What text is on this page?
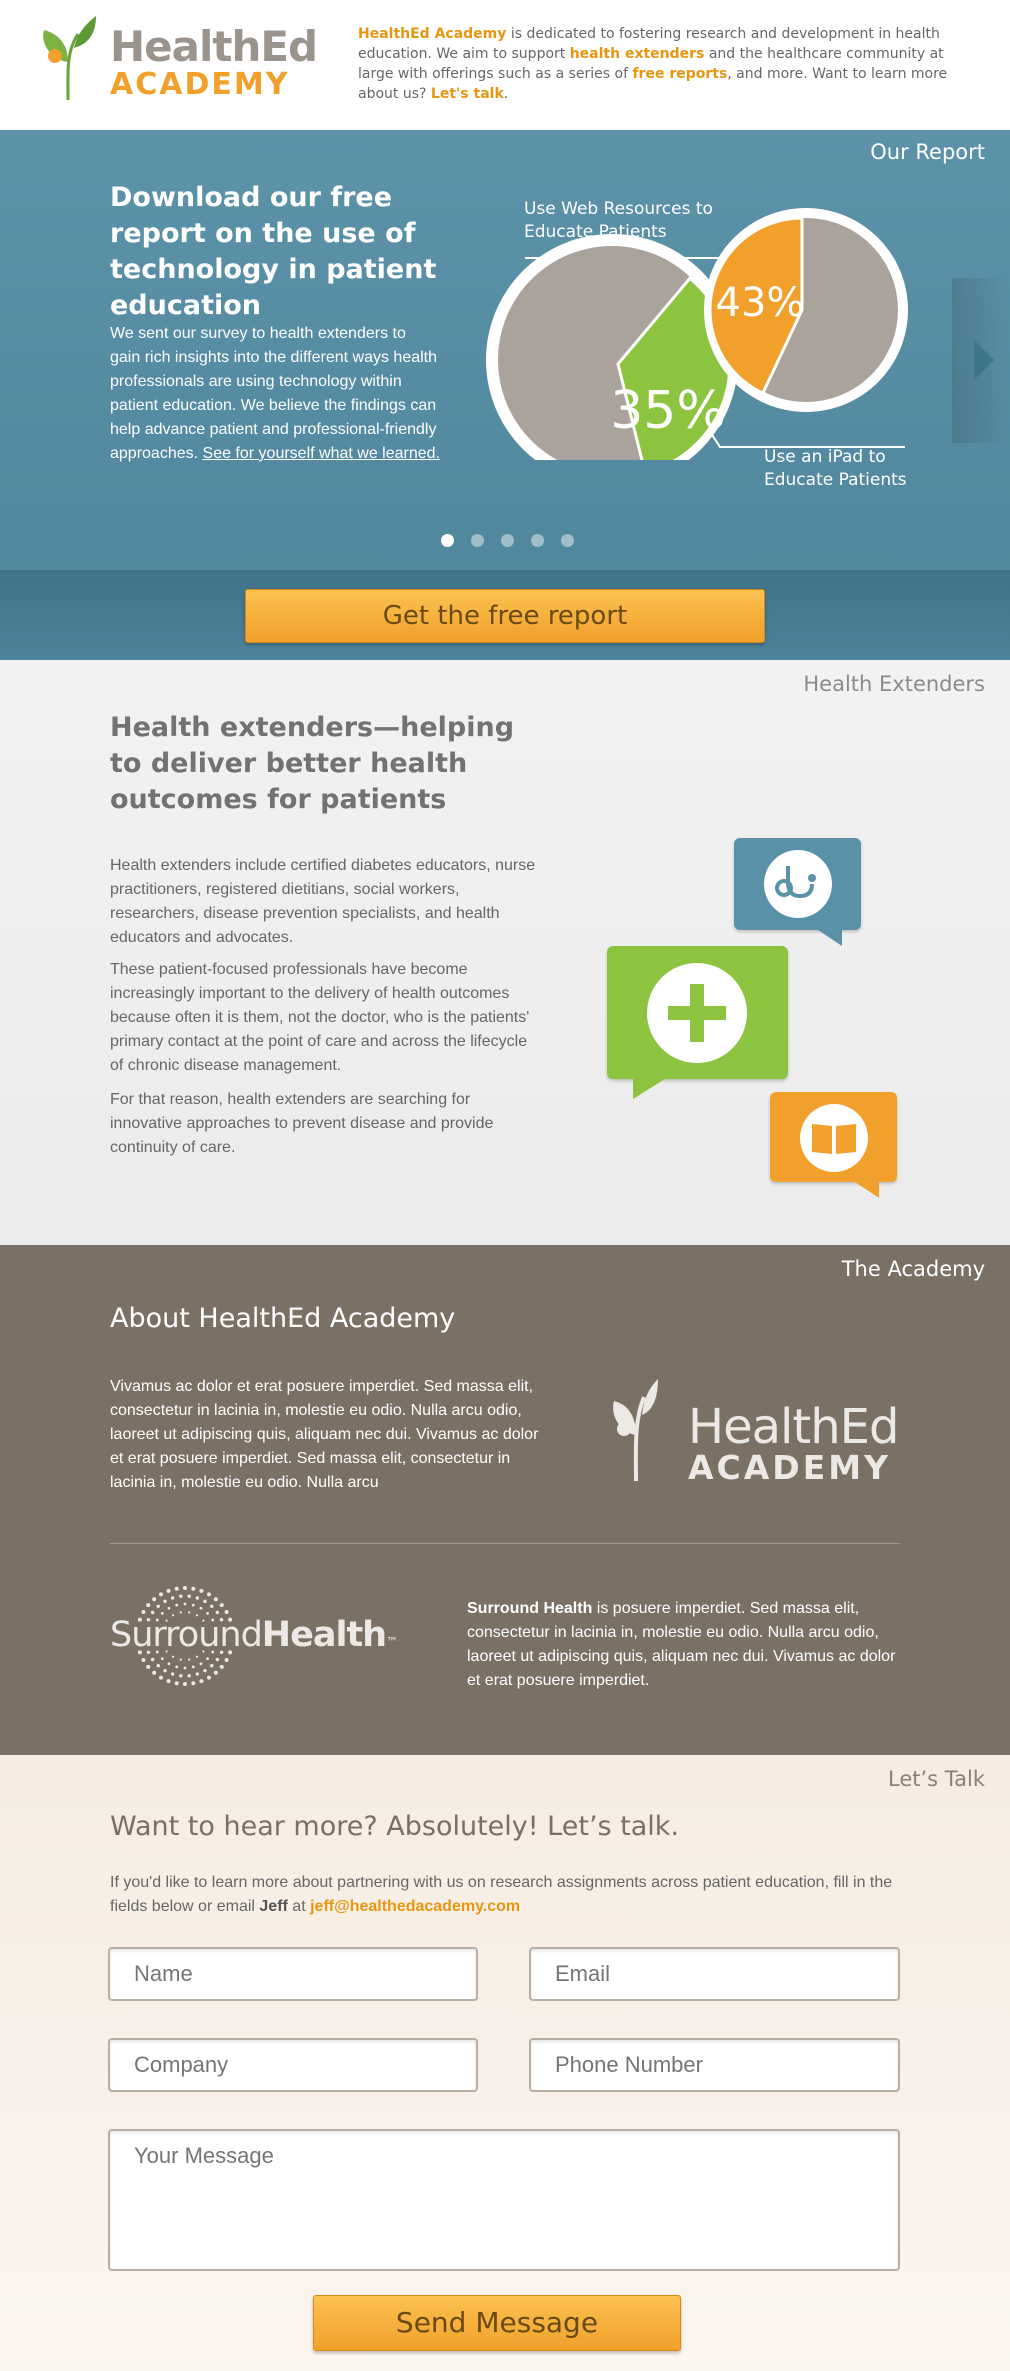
HealthEd
ACADEMY

HealthEd Academy is dedicated to fostering research and development in health education. We aim to support health extenders and the healthcare community at large with offerings such as a series of free reports, and more. Want to learn more about us? Let's talk.

Our Report
Download our free report on the use of technology in patient education

We sent our survey to health extenders to gain rich insights into the different ways health professionals are using technology within patient education. We believe the findings can help advance patient and professional-friendly approaches. See for yourself what we learned.

35%
43%
Use Web Resources to Educate Patients
Use an iPad to Educate Patients
Get the free report
Health Extenders
Health extenders—helping to deliver better health outcomes for patients

Health extenders include certified diabetes educators, nurse practitioners, registered dietitians, social workers, researchers, disease prevention specialists, and health educators and advocates.

These patient-focused professionals have become increasingly important to the delivery of health outcomes because often it is them, not the doctor, who is the patients' primary contact at the point of care and across the lifecycle of chronic disease management.

For that reason, health extenders are searching for innovative approaches to prevent disease and provide continuity of care.

The Academy
About HealthEd Academy

Vivamus ac dolor et erat posuere imperdiet. Sed massa elit, consectetur in lacinia in, molestie eu odio. Nulla arcu odio, laoreet ut adipiscing quis, aliquam nec dui. Vivamus ac dolor et erat posuere imperdiet. Sed massa elit, consectetur in lacinia in, molestie eu odio. Nulla arcu

HealthEd
ACADEMY
SurroundHealth™

Surround Health is posuere imperdiet. Sed massa elit, consectetur in lacinia in, molestie eu odio. Nulla arcu odio, laoreet ut adipiscing quis, aliquam nec dui. Vivamus ac dolor et erat posuere imperdiet.

Let’s Talk
Want to hear more? Absolutely! Let’s talk.

If you'd like to learn more about partnering with us on research assignments across patient education, fill in the fields below or email Jeff at jeff@healthedacademy.com

Name
Email
Company
Phone Number
Your Message
Send Message
